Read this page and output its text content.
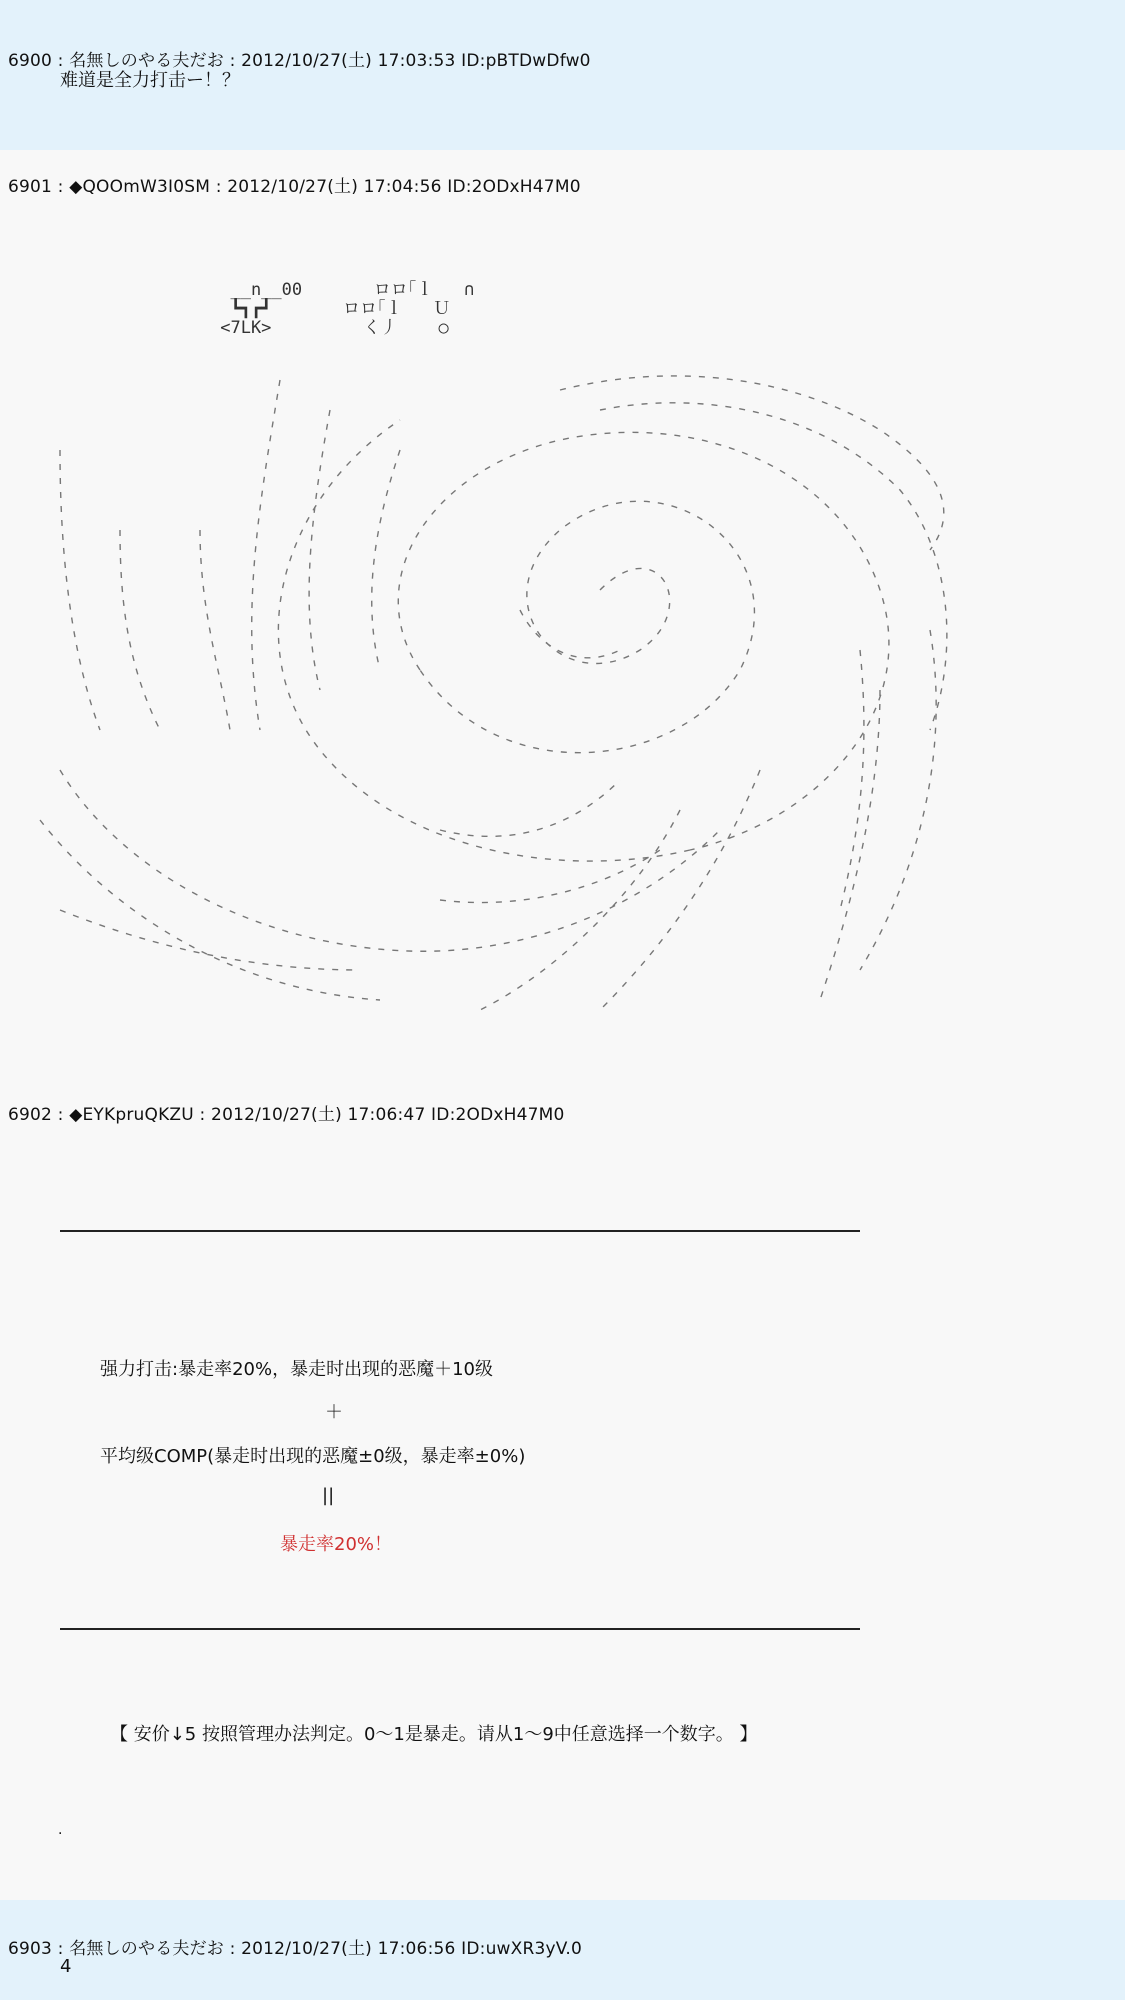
6900 : 名無しのやる夫だお : 2012/10/27(土) 17:03:53 ID:pBTDwDfw0
难道是全力打击ー！？
6901 : ◆QOOmW3I0SM : 2012/10/27(土) 17:04:56 ID:2ODxH47M0

__n__00       ロロ｢ｌ   ∩
┗┓┏┛       ロロ｢ｌ   Ｕ
<7LK>         く丿    ○
6902 : ◆EYKpruQKZU : 2012/10/27(土) 17:06:47 ID:2ODxH47M0
强力打击:暴走率20%，暴走时出现的恶魔＋10级
＋
平均级COMP(暴走时出现的恶魔±0级，暴走率±0%)
||
暴走率20%！
【 安价↓5 按照管理办法判定。0～1是暴走。请从1～9中任意选择一个数字。 】
.
6903 : 名無しのやる夫だお : 2012/10/27(土) 17:06:56 ID:uwXR3yV.0
4
